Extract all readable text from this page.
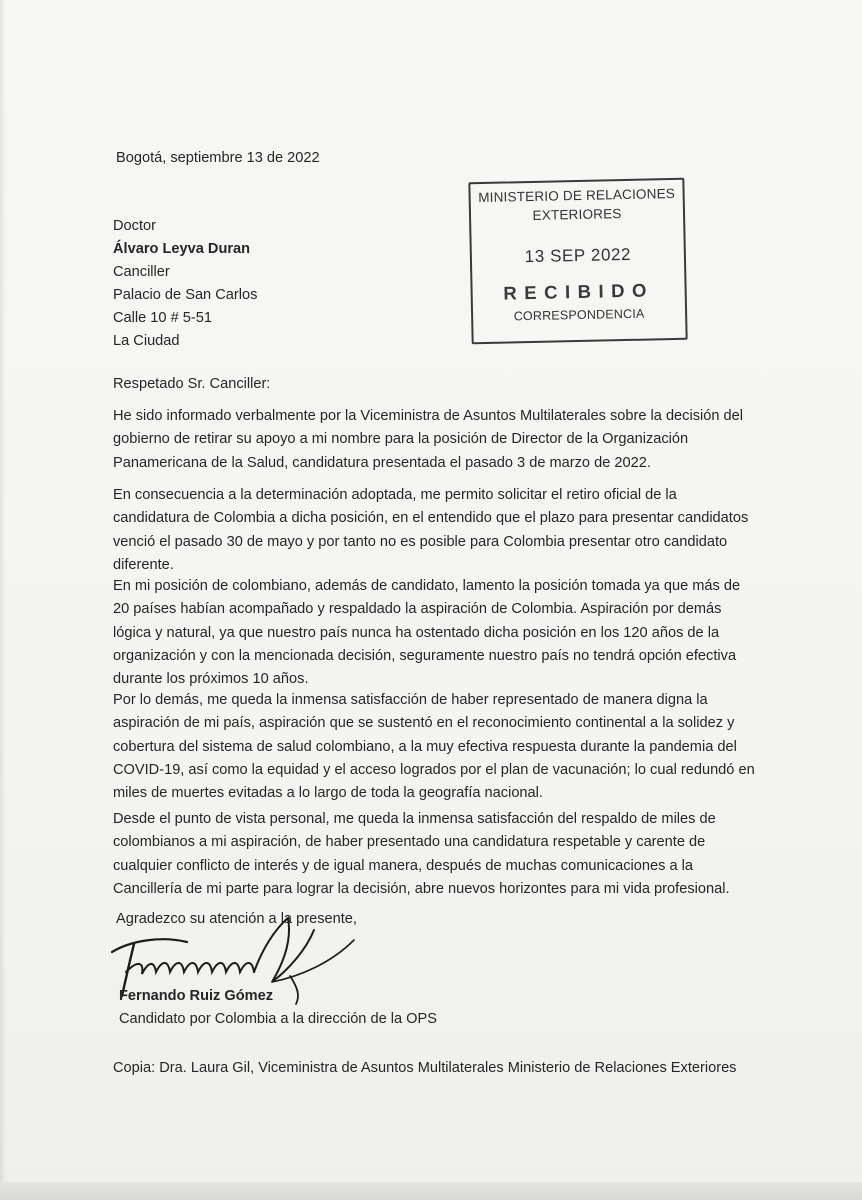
Bogotá, septiembre 13 de 2022
Doctor
Álvaro Leyva Duran
Canciller
Palacio de San Carlos
Calle 10 # 5-51
La Ciudad
MINISTERIO DE RELACIONES
EXTERIORES
13 SEP 2022
RECIBIDO
CORRESPONDENCIA
Respetado Sr. Canciller:
He sido informado verbalmente por la Viceministra de Asuntos Multilaterales sobre la decisión del
gobierno de retirar su apoyo a mi nombre para la posición de Director de la Organización
Panamericana de la Salud, candidatura presentada el pasado 3 de marzo de 2022.
En consecuencia a la determinación adoptada, me permito solicitar el retiro oficial de la
candidatura de Colombia a dicha posición, en el entendido que el plazo para presentar candidatos
venció el pasado 30 de mayo y por tanto no es posible para Colombia presentar otro candidato
diferente.
En mi posición de colombiano, además de candidato, lamento la posición tomada ya que más de
20 países habían acompañado y respaldado la aspiración de Colombia. Aspiración por demás
lógica y natural, ya que nuestro país nunca ha ostentado dicha posición en los 120 años de la
organización y con la mencionada decisión, seguramente nuestro país no tendrá opción efectiva
durante los próximos 10 años.
Por lo demás, me queda la inmensa satisfacción de haber representado de manera digna la
aspiración de mi país, aspiración que se sustentó en el reconocimiento continental a la solidez y
cobertura del sistema de salud colombiano, a la muy efectiva respuesta durante la pandemia del
COVID-19, así como la equidad y el acceso logrados por el plan de vacunación; lo cual redundó en
miles de muertes evitadas a lo largo de toda la geografía nacional.
Desde el punto de vista personal, me queda la inmensa satisfacción del respaldo de miles de
colombianos a mi aspiración, de haber presentado una candidatura respetable y carente de
cualquier conflicto de interés y de igual manera, después de muchas comunicaciones a la
Cancillería de mi parte para lograr la decisión, abre nuevos horizontes para mi vida profesional.
Agradezco su atención a la presente,
Fernando Ruiz Gómez
Candidato por Colombia a la dirección de la OPS
Copia: Dra. Laura Gil, Viceministra de Asuntos Multilaterales Ministerio de Relaciones Exteriores
